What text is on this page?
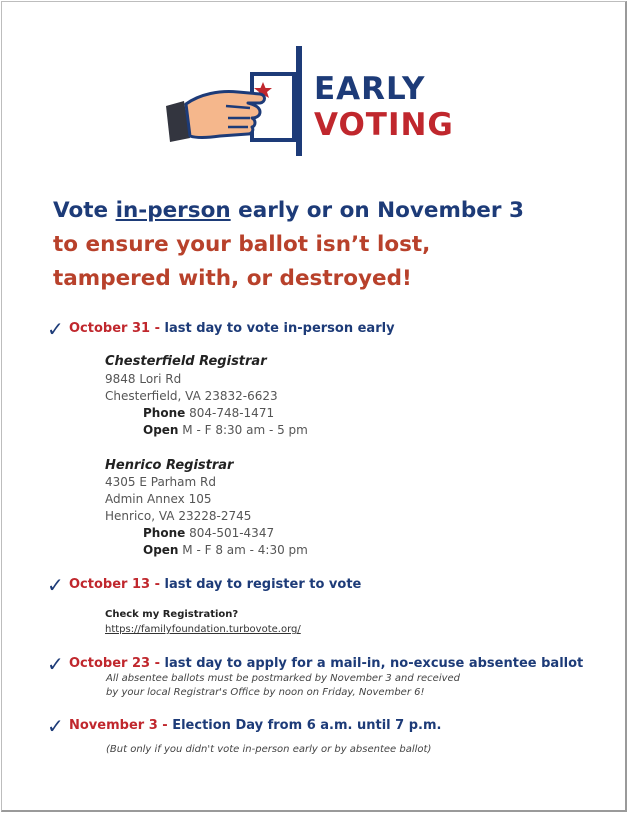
EARLY
VOTING
Vote in-person early or on November 3
to ensure your ballot isn’t lost,
tampered with, or destroyed!
✓ October 31 - last day to vote in-person early
Chesterfield Registrar
9848 Lori Rd
Chesterfield, VA 23832-6623
Phone 804-748-1471
Open M - F 8:30 am - 5 pm
Henrico Registrar
4305 E Parham Rd
Admin Annex 105
Henrico, VA 23228-2745
Phone 804-501-4347
Open M - F 8 am - 4:30 pm
✓ October 13 - last day to register to vote
Check my Registration?
https://familyfoundation.turbovote.org/
✓ October 23 - last day to apply for a mail-in, no-excuse absentee ballot
All absentee ballots must be postmarked by November 3 and received
by your local Registrar's Office by noon on Friday, November 6!
✓ November 3 - Election Day from 6 a.m. until 7 p.m.
(But only if you didn't vote in-person early or by absentee ballot)
